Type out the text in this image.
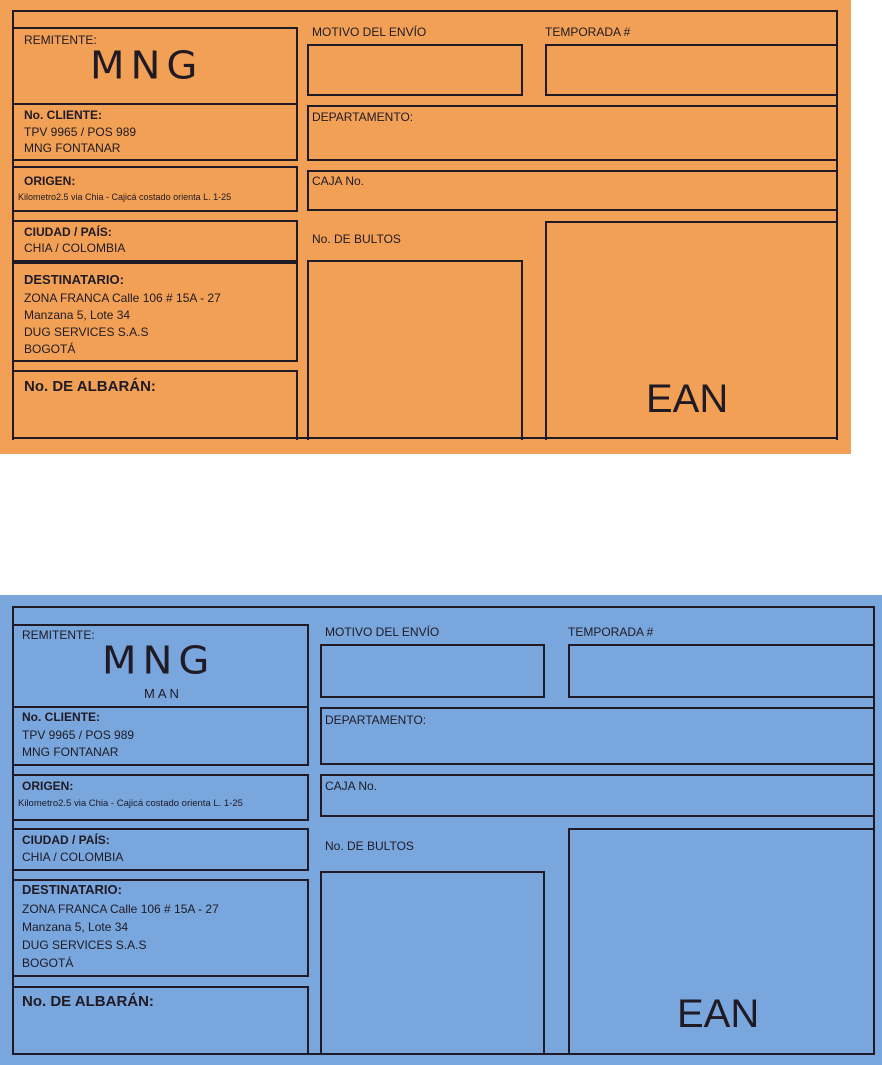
REMITENTE:
MNG
No. CLIENTE:
TPV 9965 / POS 989
MNG FONTANAR
ORIGEN:
Kilometro2.5 via Chia - Cajicá costado orienta L. 1-25
CIUDAD / PAÍS:
CHIA / COLOMBIA
DESTINATARIO:
ZONA FRANCA Calle 106 # 15A - 27
Manzana 5, Lote 34
DUG SERVICES S.A.S
BOGOTÁ
No. DE ALBARÁN:
MOTIVO DEL ENVÍO	TEMPORADA #
DEPARTAMENTO:
CAJA No.
No. DE BULTOS
EAN
REMITENTE:
MNG
MAN
No. CLIENTE:
TPV 9965 / POS 989
MNG FONTANAR
ORIGEN:
Kilometro2.5 via Chia - Cajicá costado orienta L. 1-25
CIUDAD / PAÍS:
CHIA / COLOMBIA
DESTINATARIO:
ZONA FRANCA Calle 106 # 15A - 27
Manzana 5, Lote 34
DUG SERVICES S.A.S
BOGOTÁ
No. DE ALBARÁN:
MOTIVO DEL ENVÍO	TEMPORADA #
DEPARTAMENTO:
CAJA No.
No. DE BULTOS
EAN
